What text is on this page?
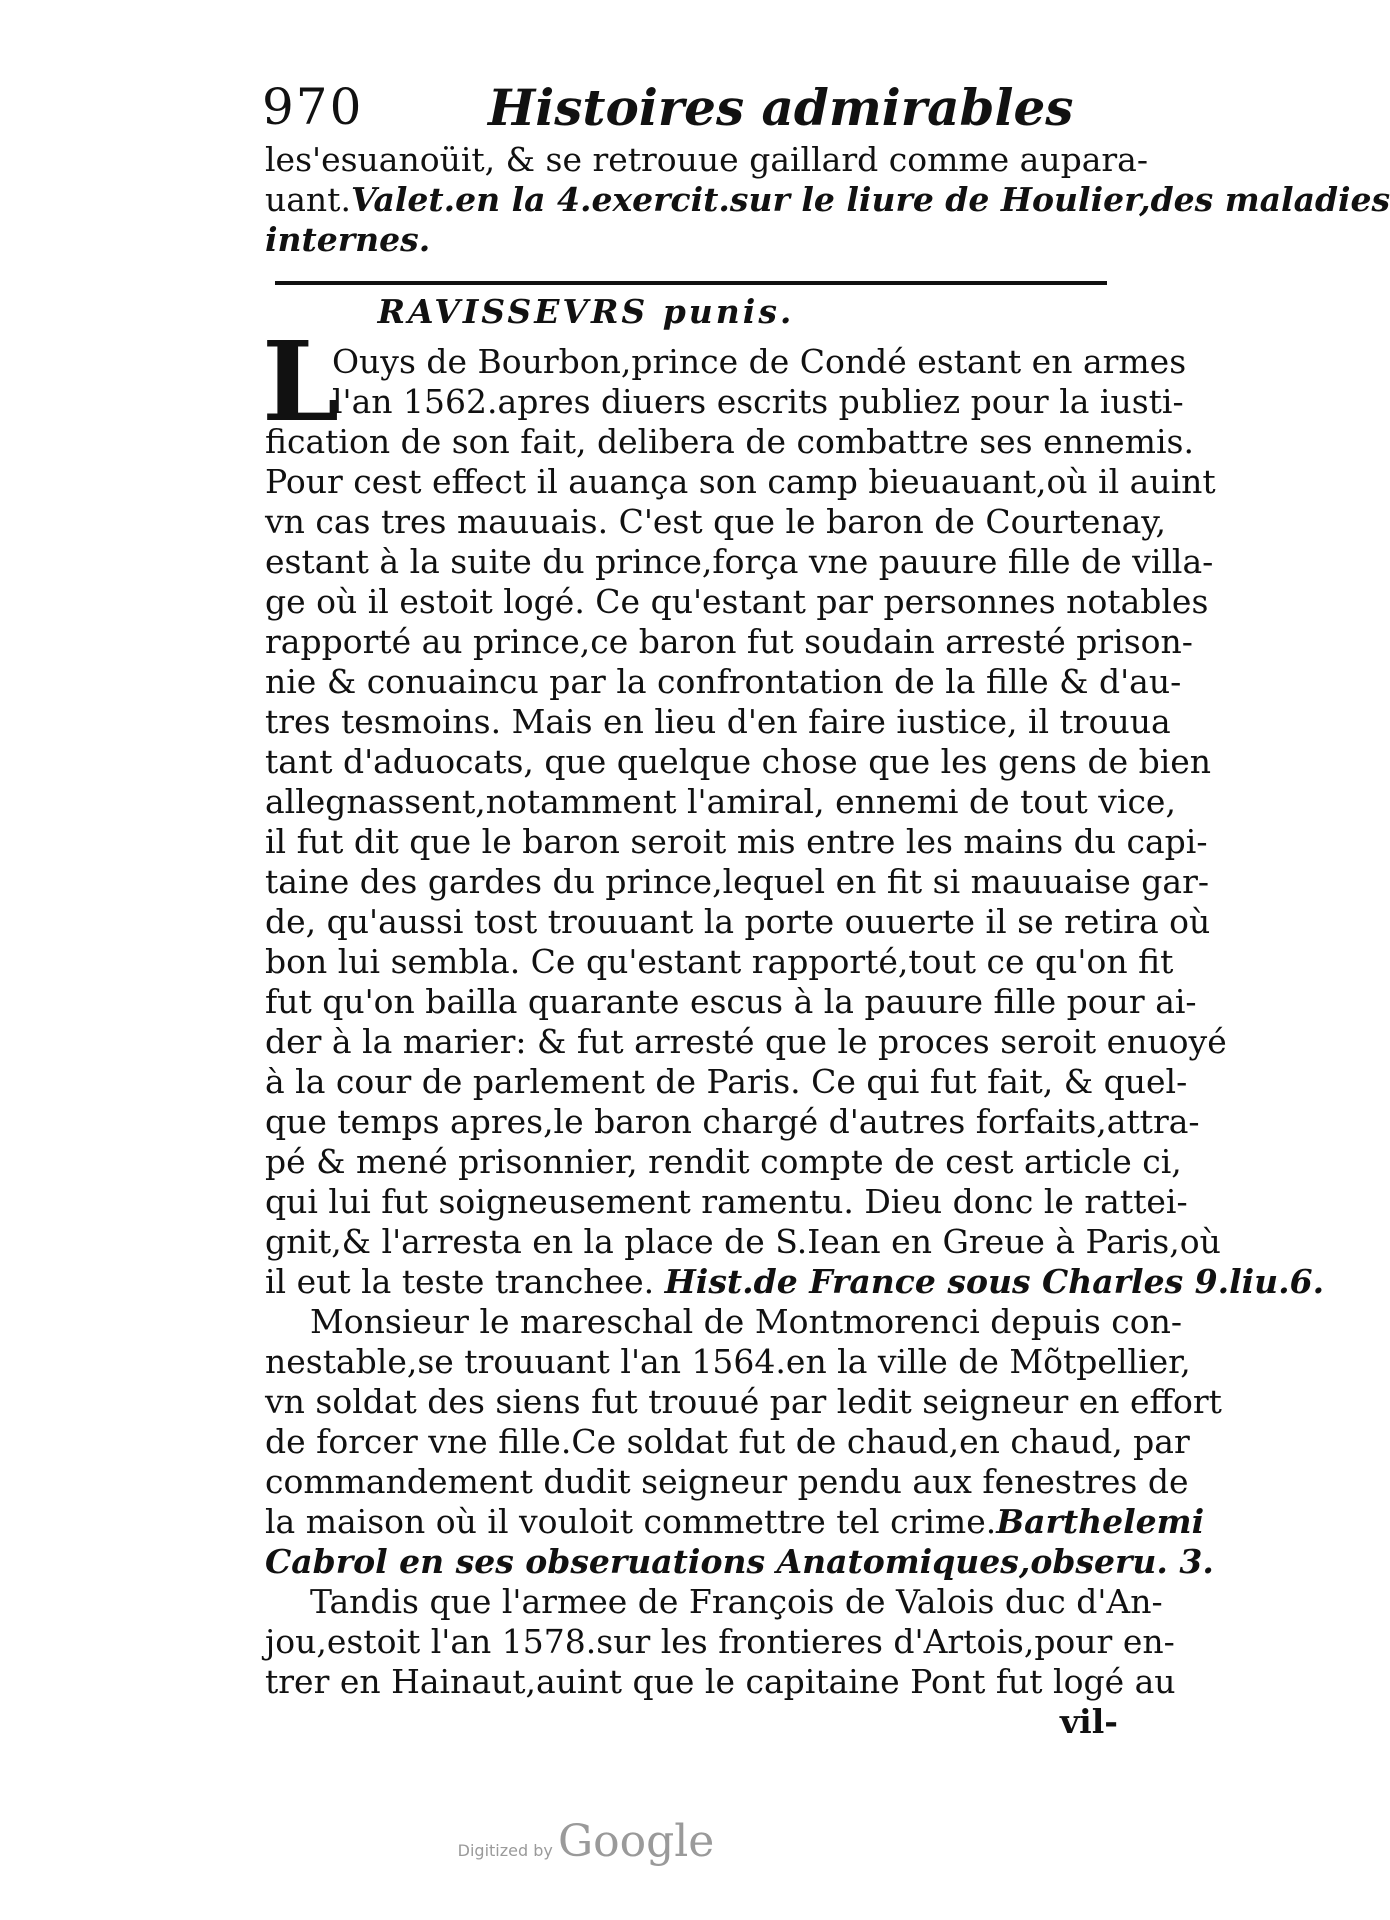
970 Histoires admirables
les'esuanoüit, & se retrouue gaillard comme aupara-
uant.Valet.en la 4.exercit.sur le liure de Houlier,des maladies
internes.
RAVISSEVRS punis.
L
Ouys de Bourbon,prince de Condé estant en armes
l'an 1562.apres diuers escrits publiez pour la iusti-
fication de son fait, delibera de combattre ses ennemis.
Pour cest effect il auança son camp bieuauant,où il auint
vn cas tres mauuais. C'est que le baron de Courtenay,
estant à la suite du prince,força vne pauure fille de villa-
ge où il estoit logé. Ce qu'estant par personnes notables
rapporté au prince,ce baron fut soudain arresté prison-
nie & conuaincu par la confrontation de la fille & d'au-
tres tesmoins. Mais en lieu d'en faire iustice, il trouua
tant d'aduocats, que quelque chose que les gens de bien
allegnassent,notamment l'amiral, ennemi de tout vice,
il fut dit que le baron seroit mis entre les mains du capi-
taine des gardes du prince,lequel en fit si mauuaise gar-
de, qu'aussi tost trouuant la porte ouuerte il se retira où
bon lui sembla. Ce qu'estant rapporté,tout ce qu'on fit
fut qu'on bailla quarante escus à la pauure fille pour ai-
der à la marier: & fut arresté que le proces seroit enuoyé
à la cour de parlement de Paris. Ce qui fut fait, & quel-
que temps apres,le baron chargé d'autres forfaits,attra-
pé & mené prisonnier, rendit compte de cest article ci,
qui lui fut soigneusement ramentu. Dieu donc le rattei-
gnit,& l'arresta en la place de S.Iean en Greue à Paris,où
il eut la teste tranchee. Hist.de France sous Charles 9.liu.6.
Monsieur le mareschal de Montmorenci depuis con-
nestable,se trouuant l'an 1564.en la ville de Mõtpellier,
vn soldat des siens fut trouué par ledit seigneur en effort
de forcer vne fille.Ce soldat fut de chaud,en chaud, par
commandement dudit seigneur pendu aux fenestres de
la maison où il vouloit commettre tel crime.Barthelemi
Cabrol en ses obseruations Anatomiques,obseru. 3.
Tandis que l'armee de François de Valois duc d'An-
jou,estoit l'an 1578.sur les frontieres d'Artois,pour en-
trer en Hainaut,auint que le capitaine Pont fut logé au
vil-
Digitized by Google
